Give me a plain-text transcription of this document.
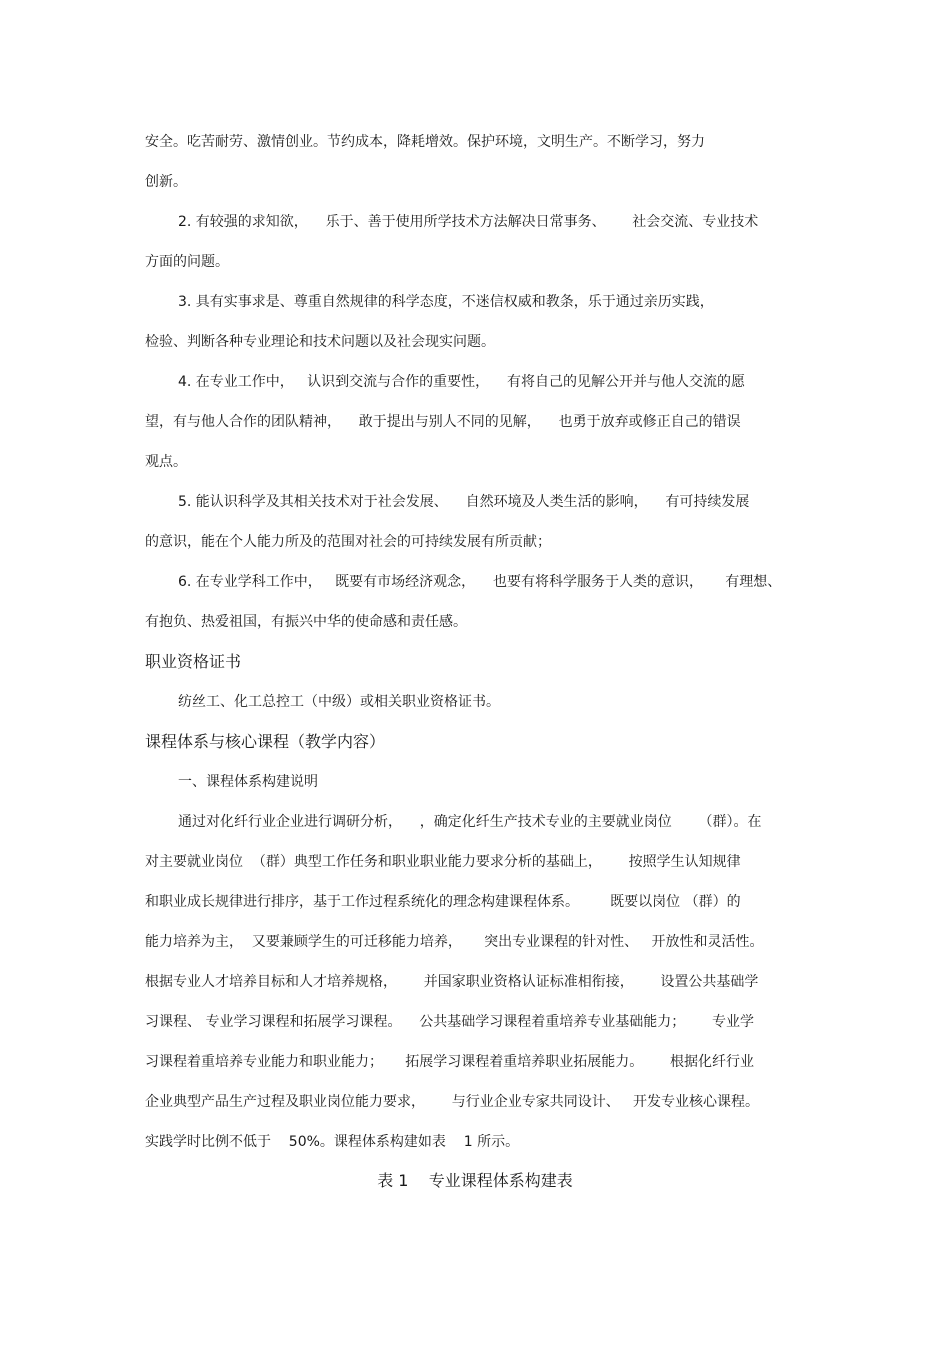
安全。吃苦耐劳、激情创业。节约成本，降耗增效。保护环境，文明生产。不断学习，努力
创新。
2. 有较强的求知欲，    乐于、善于使用所学技术方法解决日常事务、      社会交流、专业技术
方面的问题。
3. 具有实事求是、尊重自然规律的科学态度，不迷信权威和教条，乐于通过亲历实践，
检验、判断各种专业理论和技术问题以及社会现实问题。
4. 在专业工作中，   认识到交流与合作的重要性，    有将自己的见解公开并与他人交流的愿
望，有与他人合作的团队精神，    敢于提出与别人不同的见解，    也勇于放弃或修正自己的错误
观点。
5. 能认识科学及其相关技术对于社会发展、    自然环境及人类生活的影响，    有可持续发展
的意识，能在个人能力所及的范围对社会的可持续发展有所贡献；
6. 在专业学科工作中，   既要有市场经济观念，    也要有将科学服务于人类的意识，     有理想、
有抱负、热爱祖国，有振兴中华的使命感和责任感。
职业资格证书
纺丝工、化工总控工（中级）或相关职业资格证书。
课程体系与核心课程（教学内容）
一、课程体系构建说明
通过对化纤行业企业进行调研分析，    ，确定化纤生产技术专业的主要就业岗位      （群）。在
对主要就业岗位  （群）典型工作任务和职业职业能力要求分析的基础上，      按照学生认知规律
和职业成长规律进行排序，基于工作过程系统化的理念构建课程体系。       既要以岗位 （群）的
能力培养为主，  又要兼顾学生的可迁移能力培养，     突出专业课程的针对性、   开放性和灵活性。
根据专业人才培养目标和人才培养规格，      并国家职业资格认证标准相衔接，      设置公共基础学
习课程、 专业学习课程和拓展学习课程。    公共基础学习课程着重培养专业基础能力；      专业学
习课程着重培养专业能力和职业能力；     拓展学习课程着重培养职业拓展能力。      根据化纤行业
企业典型产品生产过程及职业岗位能力要求，      与行业企业专家共同设计、   开发专业核心课程。
实践学时比例不低于    50%。课程体系构建如表    1 所示。
表 1    专业课程体系构建表
